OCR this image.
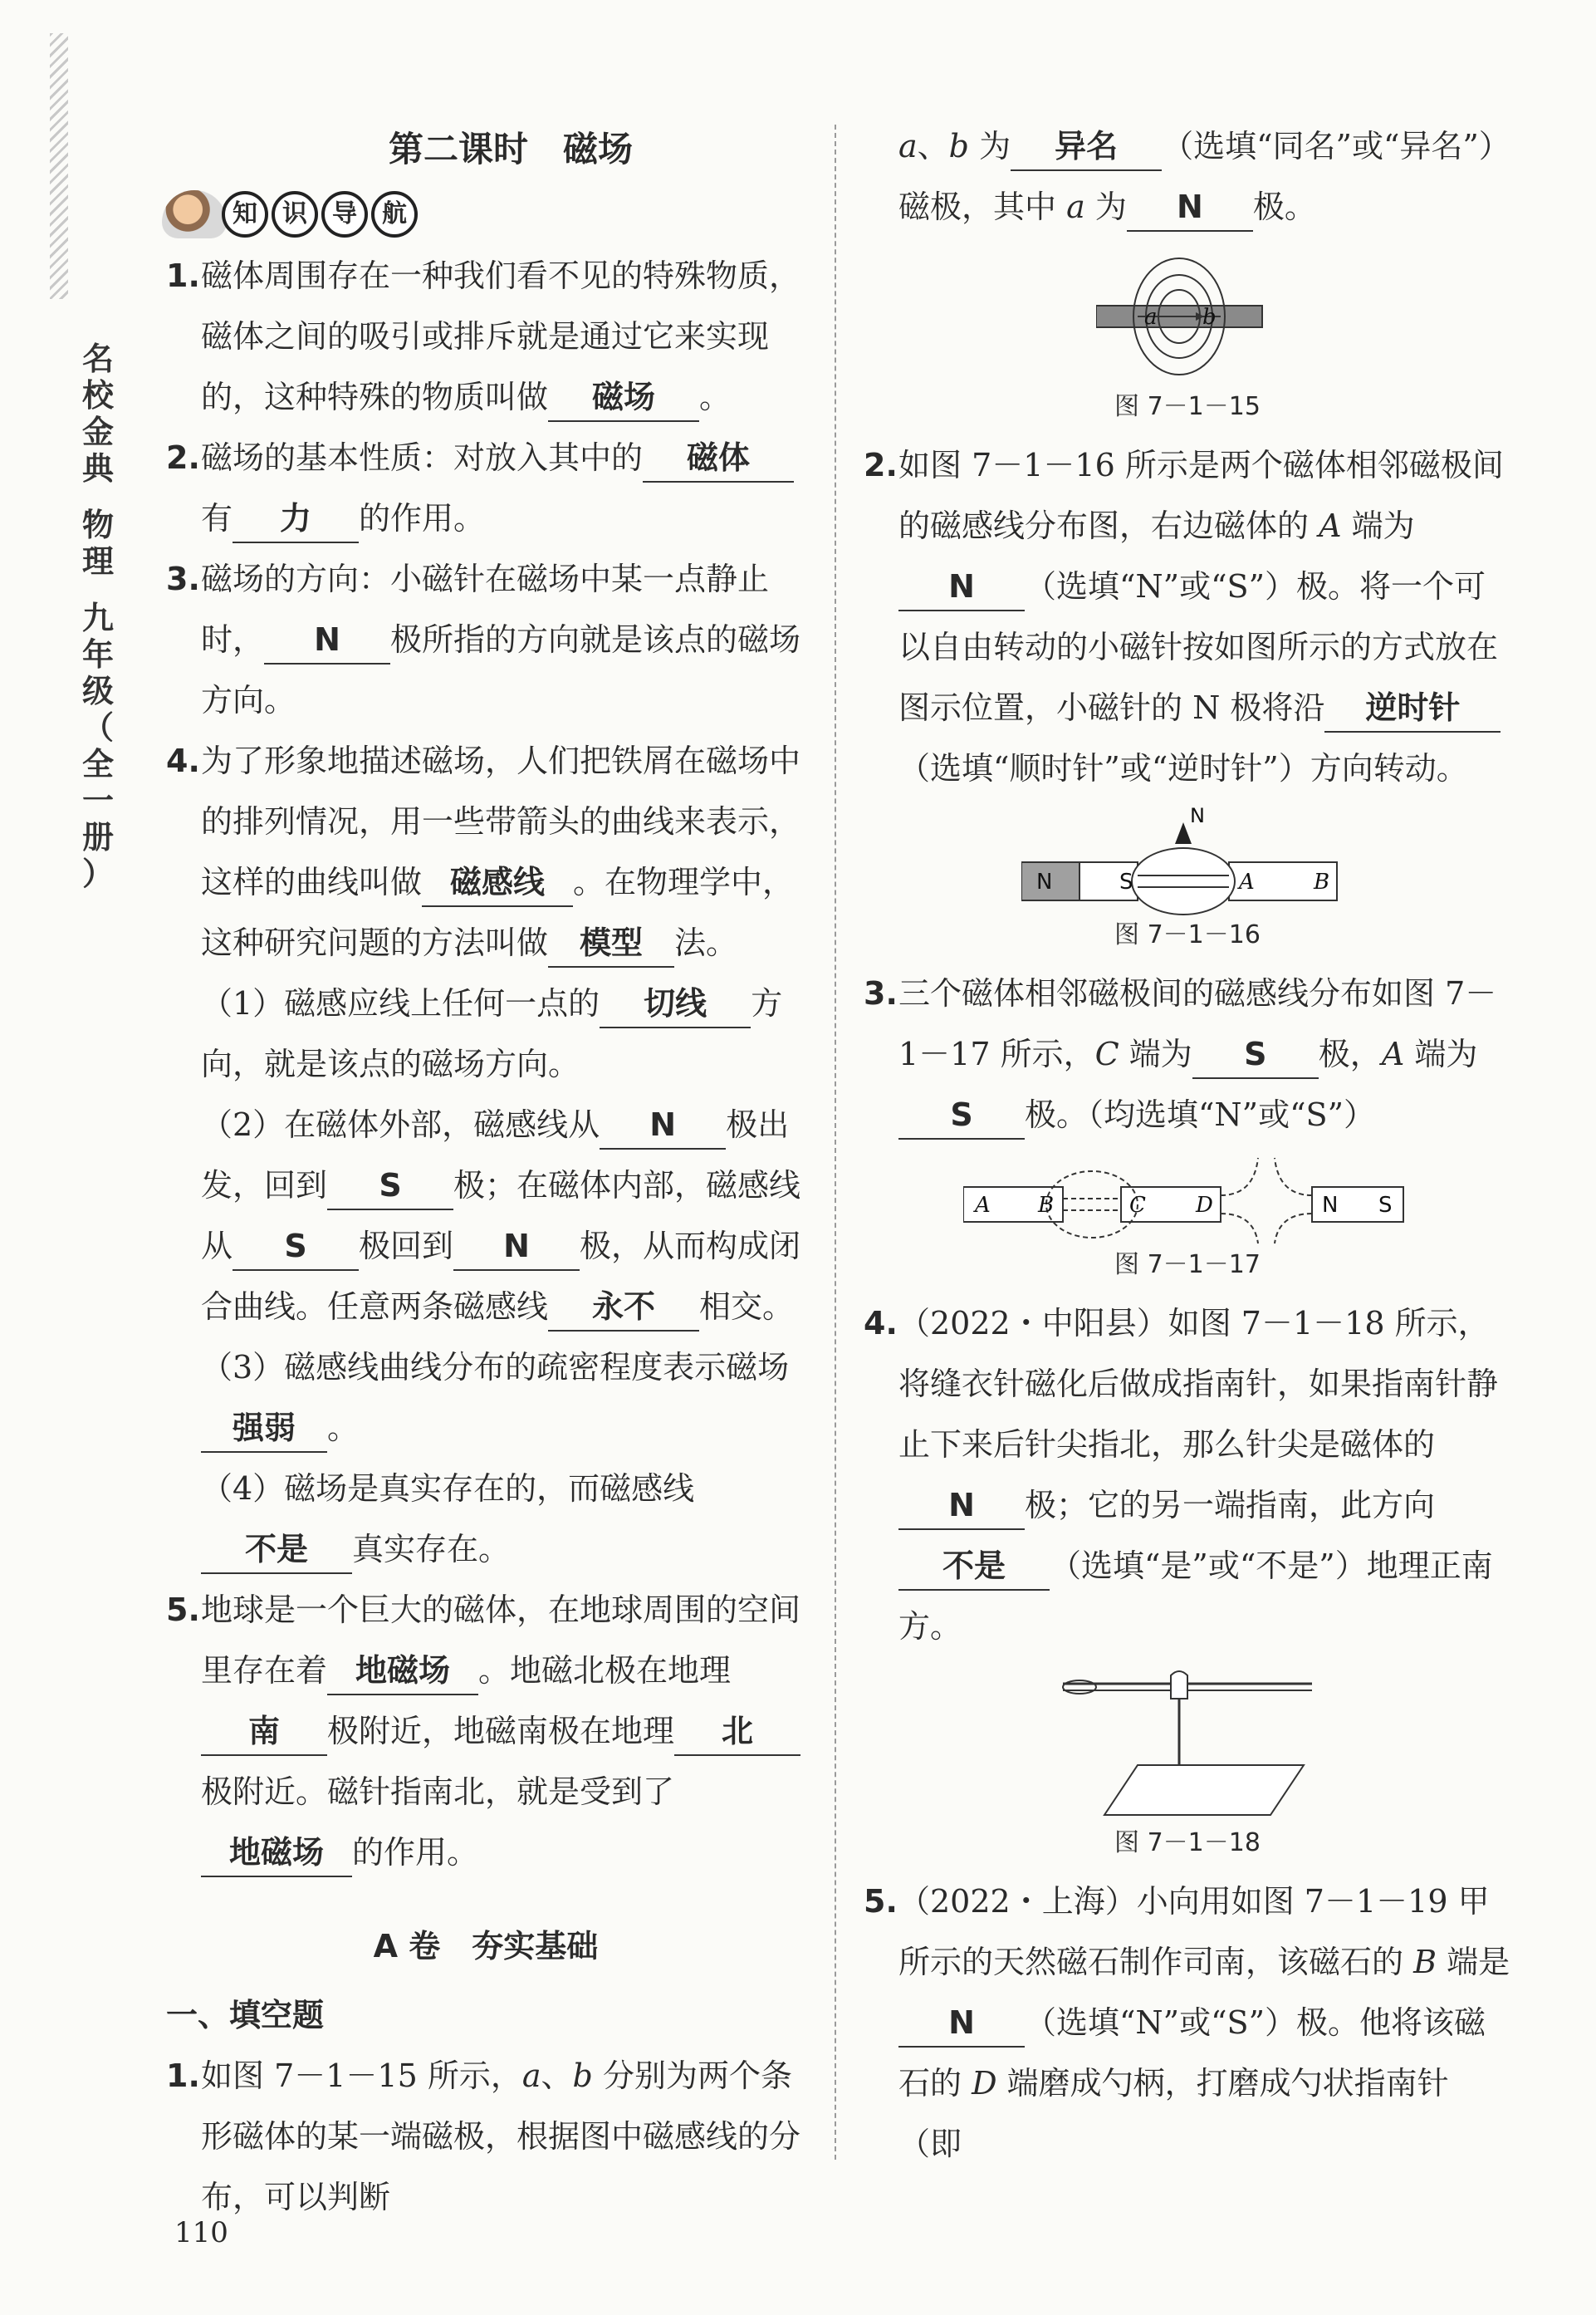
名
校
金
典
物
理
九
年
级
（
全
一
册
）
第二课时　磁场
知	识	导	航
1. 磁体周围存在一种我们看不见的特殊物质，磁体之间的吸引或排斥就是通过它来实现的，这种特殊的物质叫做 磁场 。
2. 磁场的基本性质：对放入其中的 磁体有 力 的作用。
3. 磁场的方向：小磁针在磁场中某一点静止时， N 极所指的方向就是该点的磁场方向。
4. 为了形象地描述磁场，人们把铁屑在磁场中的排列情况，用一些带箭头的曲线来表示，这样的曲线叫做 磁感线 。在物理学中，这种研究问题的方法叫做 模型 法。
（1）磁感应线上任何一点的 切线 方向，就是该点的磁场方向。
（2）在磁体外部，磁感线从 N 极出发，回到 S 极；在磁体内部，磁感线从 S 极回到 N 极，从而构成闭合曲线。任意两条磁感线 永不 相交。
（3）磁感线曲线分布的疏密程度表示磁场强弱 。
（4）磁场是真实存在的，而磁感线不是 真实存在。
5. 地球是一个巨大的磁体，在地球周围的空间里存在着 地磁场 。地磁北极在地理南 极附近，地磁南极在地理 北极附近。磁针指南北，就是受到了地磁场 的作用。
A 卷　夯实基础
一、填空题
1. 如图 7－1－15 所示，a、b 分别为两个条形磁体的某一端磁极，根据图中磁感线的分布，可以判断
a、b 为 异名 （选填“同名”或“异名”）磁极，其中 a 为 N 极。
a b
图 7－1－15
2. 如图 7－1－16 所示是两个磁体相邻磁极间的磁感线分布图，右边磁体的 A 端为N （选填“N”或“S”）极。将一个可以自由转动的小磁针按如图所示的方式放在图示位置，小磁针的 N 极将沿 逆时针（选填“顺时针”或“逆时针”）方向转动。
N
N	S	A	B
图 7－1－16
3. 三个磁体相邻磁极间的磁感线分布如图 7－1－17 所示，C 端为 S 极，A 端为S 极。（均选填“N”或“S”）
A B	C D	N S
图 7－1－17
4. （2022・中阳县）如图 7－1－18 所示，将缝衣针磁化后做成指南针，如果指南针静止下来后针尖指北，那么针尖是磁体的N 极；它的另一端指南，此方向不是 （选填“是”或“不是”）地理正南方。
图 7－1－18
5. （2022・上海）小向用如图 7－1－19 甲所示的天然磁石制作司南，该磁石的 B 端是N （选填“N”或“S”）极。他将该磁石的 D 端磨成勺柄，打磨成勺状指南针（即
110
